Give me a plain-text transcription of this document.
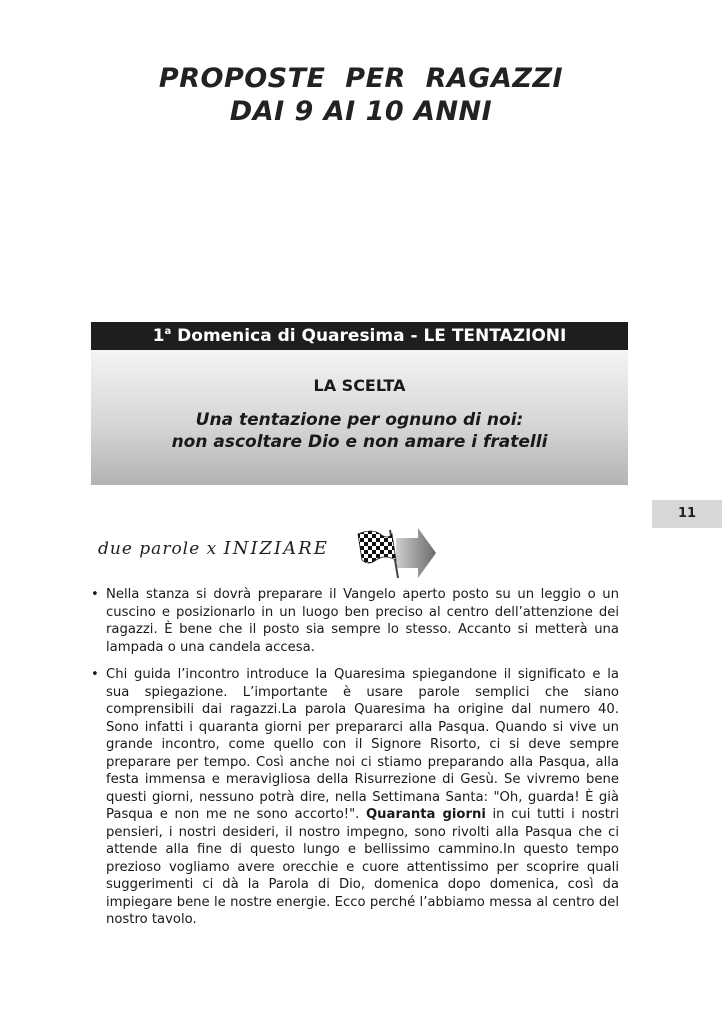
PROPOSTE  PER  RAGAZZI
DAI 9 AI 10 ANNI
1$^a$ Domenica di Quaresima - LE TENTAZIONI
LA SCELTA
Una tentazione per ognuno di noi:
non ascoltare Dio e non amare i fratelli
11
due parole x INIZIARE
• Nella stanza si dovrà preparare il Vangelo aperto posto su un leggio o un cuscino e posizionarlo in un luogo ben preciso al centro dell’attenzione dei ragazzi. È bene che il posto sia sempre lo stesso. Accanto si metterà una lampada o una candela accesa.
• Chi guida l’incontro introduce la Quaresima spiegandone il significato e la sua spiegazione. L’importante è usare parole semplici che siano comprensibili dai ragazzi.La parola Quaresima ha origine dal numero 40. Sono infatti i quaranta giorni per prepararci alla Pasqua. Quando si vive un grande incontro, come quello con il Signore Risorto, ci si deve sempre preparare per tempo. Così anche noi ci stiamo preparando alla Pasqua, alla festa immensa e meravigliosa della Risurrezione di Gesù. Se vivremo bene questi giorni, nessuno potrà dire, nella Settimana Santa: "Oh, guarda! È già Pasqua e non me ne sono accorto!". Quaranta giorni in cui tutti i nostri pensieri, i nostri desideri, il nostro impegno, sono rivolti alla Pasqua che ci attende alla fine di questo lungo e bellissimo cammino.In questo tempo prezioso vogliamo avere orecchie e cuore attentissimo per scoprire quali suggerimenti ci dà la Parola di Dio, domenica dopo domenica, così da impiegare bene le nostre energie. Ecco perché l’abbiamo messa al centro del nostro tavolo.
